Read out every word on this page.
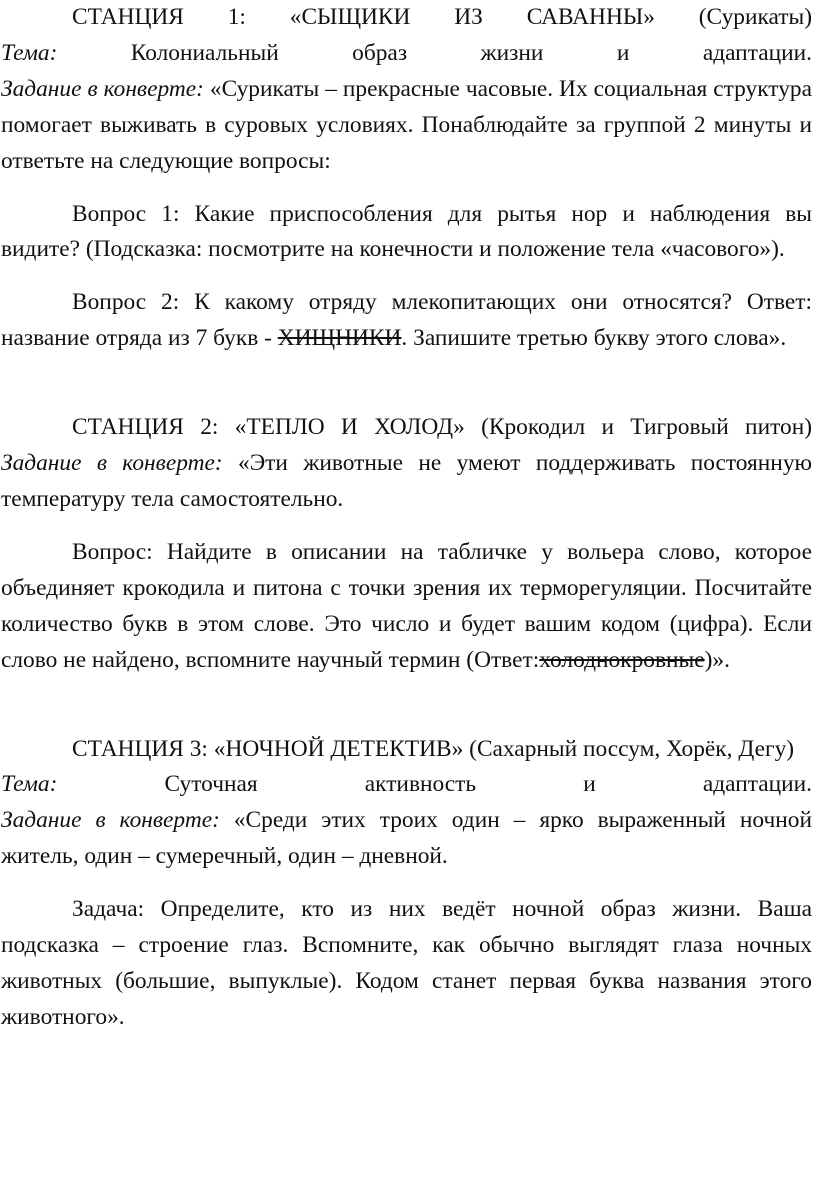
СТАНЦИЯ 1: «СЫЩИКИ ИЗ САВАННЫ» (Сурикаты)

Тема: Колониальный образ жизни и адаптации.

Задание в конверте: «Сурикаты – прекрасные часовые. Их социальная структура помогает выживать в суровых условиях. Понаблюдайте за группой 2 минуты и ответьте на следующие вопросы:

Вопрос 1: Какие приспособления для рытья нор и наблюдения вы видите? (Подсказка: посмотрите на конечности и положение тела «часового»).

Вопрос 2: К какому отряду млекопитающих они относятся? Ответ: название отряда из 7 букв - ХИЩНИКИ. Запишите третью букву этого слова».

СТАНЦИЯ 2: «ТЕПЛО И ХОЛОД» (Крокодил и Тигровый питон)

Задание в конверте: «Эти животные не умеют поддерживать постоянную температуру тела самостоятельно.

Вопрос: Найдите в описании на табличке у вольера слово, которое объединяет крокодила и питона с точки зрения их терморегуляции. Посчитайте количество букв в этом слове. Это число и будет вашим кодом (цифра). Если слово не найдено, вспомните научный термин (Ответ:холоднокровные)».

СТАНЦИЯ 3: «НОЧНОЙ ДЕТЕКТИВ» (Сахарный поссум, Хорёк, Дегу)

Тема: Суточная активность и адаптации.

Задание в конверте: «Среди этих троих один – ярко выраженный ночной житель, один – сумеречный, один – дневной.

Задача: Определите, кто из них ведёт ночной образ жизни. Ваша подсказка – строение глаз. Вспомните, как обычно выглядят глаза ночных животных (большие, выпуклые). Кодом станет первая буква названия этого животного».
